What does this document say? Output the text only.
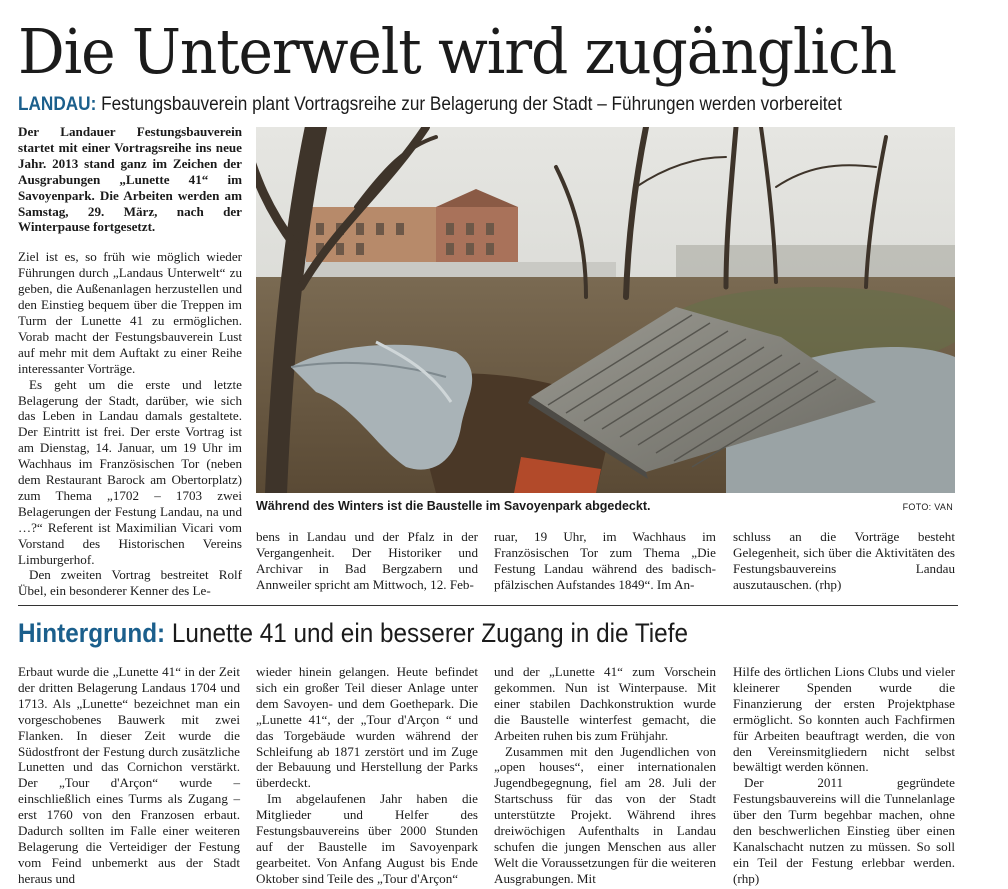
Die Unterwelt wird zugänglich
LANDAU: Festungsbauverein plant Vortragsreihe zur Belagerung der Stadt – Führungen werden vorbereitet

Der Landauer Festungsbauverein startet mit einer Vortragsreihe ins neue Jahr. 2013 stand ganz im Zeichen der Ausgrabungen „Lunette 41“ im Savoyenpark. Die Arbeiten werden am Samstag, 29. März, nach der Winterpause fortgesetzt.

Ziel ist es, so früh wie möglich wieder Führungen durch „Landaus Unterwelt“ zu geben, die Außenanlagen herzustellen und den Einstieg bequem über die Treppen im Turm der Lunette 41 zu ermöglichen. Vorab macht der Festungsbauverein Lust auf mehr mit dem Auftakt zu einer Reihe interessanter Vorträge.

Es geht um die erste und letzte Belagerung der Stadt, darüber, wie sich das Leben in Landau damals gestaltete. Der Eintritt ist frei. Der erste Vortrag ist am Dienstag, 14. Januar, um 19 Uhr im Wachhaus im Französischen Tor (neben dem Restaurant Barock am Obertorplatz) zum Thema „1702 – 1703 zwei Belagerungen der Festung Landau, na und …?“ Referent ist Maximilian Vicari vom Vorstand des Historischen Vereins Limburgerhof.

Den zweiten Vortrag bestreitet Rolf Übel, ein besonderer Kenner des Le-

Während des Winters ist die Baustelle im Savoyenpark abgedeckt.	FOTO: VAN

bens in Landau und der Pfalz in der Vergangenheit. Der Historiker und Archivar in Bad Bergzabern und Annweiler spricht am Mittwoch, 12. Feb-

ruar, 19 Uhr, im Wachhaus im Französischen Tor zum Thema „Die Festung Landau während des badisch-pfälzischen Aufstandes 1849“. Im An-

schluss an die Vorträge besteht Gelegenheit, sich über die Aktivitäten des Festungsbauvereins Landau auszutauschen. (rhp)

Hintergrund: Lunette 41 und ein besserer Zugang in die Tiefe

Erbaut wurde die „Lunette 41“ in der Zeit der dritten Belagerung Landaus 1704 und 1713. Als „Lunette“ bezeichnet man ein vorgeschobenes Bauwerk mit zwei Flanken. In dieser Zeit wurde die Südostfront der Festung durch zusätzliche Lunetten und das Cornichon verstärkt. Der „Tour d'Arçon“ wurde – einschließlich eines Turms als Zugang – erst 1760 von den Franzosen erbaut. Dadurch sollten im Falle einer weiteren Belagerung die Verteidiger der Festung vom Feind unbemerkt aus der Stadt heraus und

wieder hinein gelangen. Heute befindet sich ein großer Teil dieser Anlage unter dem Savoyen- und dem Goethepark. Die „Lunette 41“, der „Tour d'Arçon “ und das Torgebäude wurden während der Schleifung ab 1871 zerstört und im Zuge der Bebauung und Herstellung der Parks überdeckt.

Im abgelaufenen Jahr haben die Mitglieder und Helfer des Festungsbauvereins über 2000 Stunden auf der Baustelle im Savoyenpark gearbeitet. Von Anfang August bis Ende Oktober sind Teile des „Tour d'Arçon“

und der „Lunette 41“ zum Vorschein gekommen. Nun ist Winterpause. Mit einer stabilen Dachkonstruktion wurde die Baustelle winterfest gemacht, die Arbeiten ruhen bis zum Frühjahr.

Zusammen mit den Jugendlichen von „open houses“, einer internationalen Jugendbegegnung, fiel am 28. Juli der Startschuss für das von der Stadt unterstützte Projekt. Während ihres dreiwöchigen Aufenthalts in Landau schufen die jungen Menschen aus aller Welt die Voraussetzungen für die weiteren Ausgrabungen. Mit

Hilfe des örtlichen Lions Clubs und vieler kleinerer Spenden wurde die Finanzierung der ersten Projektphase ermöglicht. So konnten auch Fachfirmen für Arbeiten beauftragt werden, die von den Vereinsmitgliedern nicht selbst bewältigt werden können.

Der 2011 gegründete Festungsbauvereins will die Tunnelanlage über den Turm begehbar machen, ohne den beschwerlichen Einstieg über einen Kanalschacht nutzen zu müssen. So soll ein Teil der Festung erlebbar werden. (rhp)
